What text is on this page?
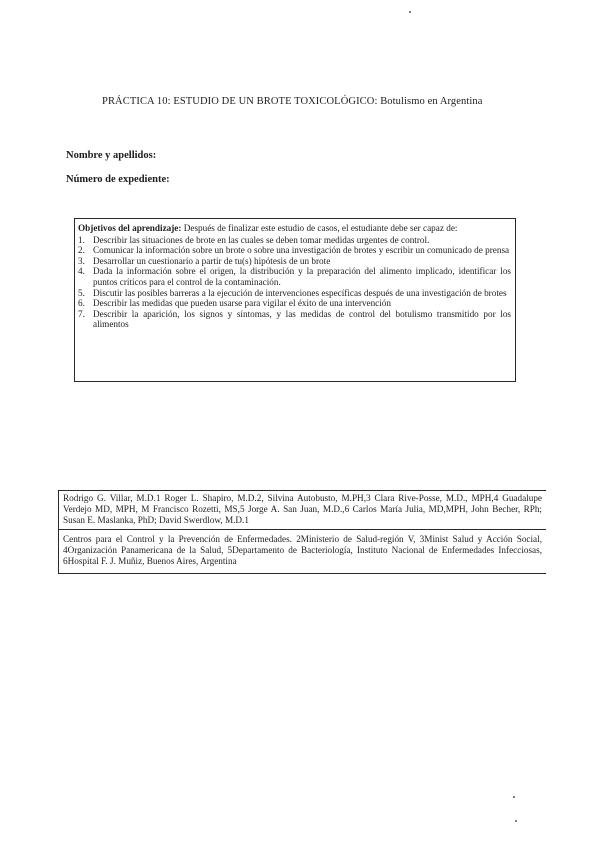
PRÁCTICA 10: ESTUDIO DE UN BROTE TOXICOLÓGICO: Botulismo en Argentina
Nombre y apellidos:
Número de expediente:

Objetivos del aprendizaje: Después de finalizar este estudio de casos, el estudiante debe ser capaz de:

1. Describir las situaciones de brote en las cuales se deben tomar medidas urgentes de control.
2. Comunicar la información sobre un brote o sobre una investigación de brotes y escribir un comunicado de prensa
3. Desarrollar un cuestionario a partir de tu(s) hipótesis de un brote
4. Dada la información sobre el origen, la distribución y la preparación del alimento implicado, identificar los puntos críticos para el control de la contaminación.
5. Discutir las posibles barreras a la ejecución de intervenciones específicas después de una investigación de brotes
6. Describir las medidas que pueden usarse para vigilar el éxito de una intervención
7. Describir la aparición, los signos y síntomas, y las medidas de control del botulismo transmitido por los alimentos

Rodrigo G. Villar, M.D.1 Roger L. Shapiro, M.D.2, Silvina Autobusto, M.PH,3 Clara Rive-Posse, M.D., MPH,4 Guadalupe Verdejo MD, MPH, M Francisco Rozetti, MS,5 Jorge A. San Juan, M.D.,6 Carlos María Julia, MD,MPH, John Becher, RPh; Susan E. Maslanka, PhD; David Swerdlow, M.D.1

Centros para el Control y la Prevención de Enfermedades. 2Ministerio de Salud-región V, 3Minist Salud y Acción Social, 4Organización Panamericana de la Salud, 5Departamento de Bacteriología, Instituto Nacional de Enfermedades Infecciosas, 6Hospital F. J. Muñiz, Buenos Aires, Argentina
